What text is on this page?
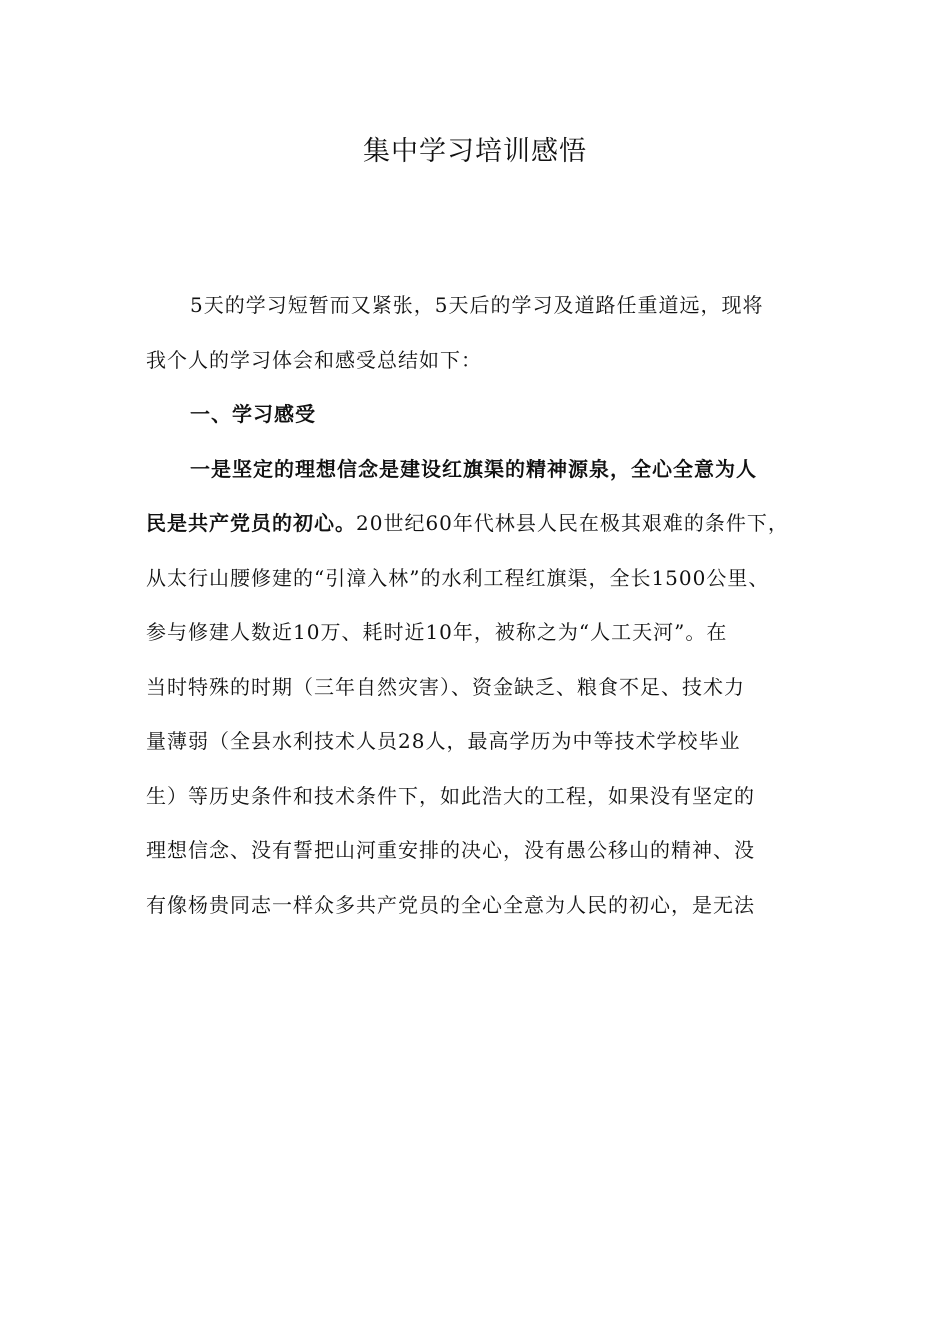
集中学习培训感悟
5天的学习短暂而又紧张，5天后的学习及道路任重道远，现将
我个人的学习体会和感受总结如下：
一、学习感受
一是坚定的理想信念是建设红旗渠的精神源泉，全心全意为人
民是共产党员的初心。20世纪60年代林县人民在极其艰难的条件下，
从太行山腰修建的“引漳入林”的水利工程红旗渠，全长1500公里、
参与修建人数近10万、耗时近10年，被称之为“人工天河”。在
当时特殊的时期（三年自然灾害）、资金缺乏、粮食不足、技术力
量薄弱（全县水利技术人员28人，最高学历为中等技术学校毕业
生）等历史条件和技术条件下，如此浩大的工程，如果没有坚定的
理想信念、没有誓把山河重安排的决心，没有愚公移山的精神、没
有像杨贵同志一样众多共产党员的全心全意为人民的初心，是无法
